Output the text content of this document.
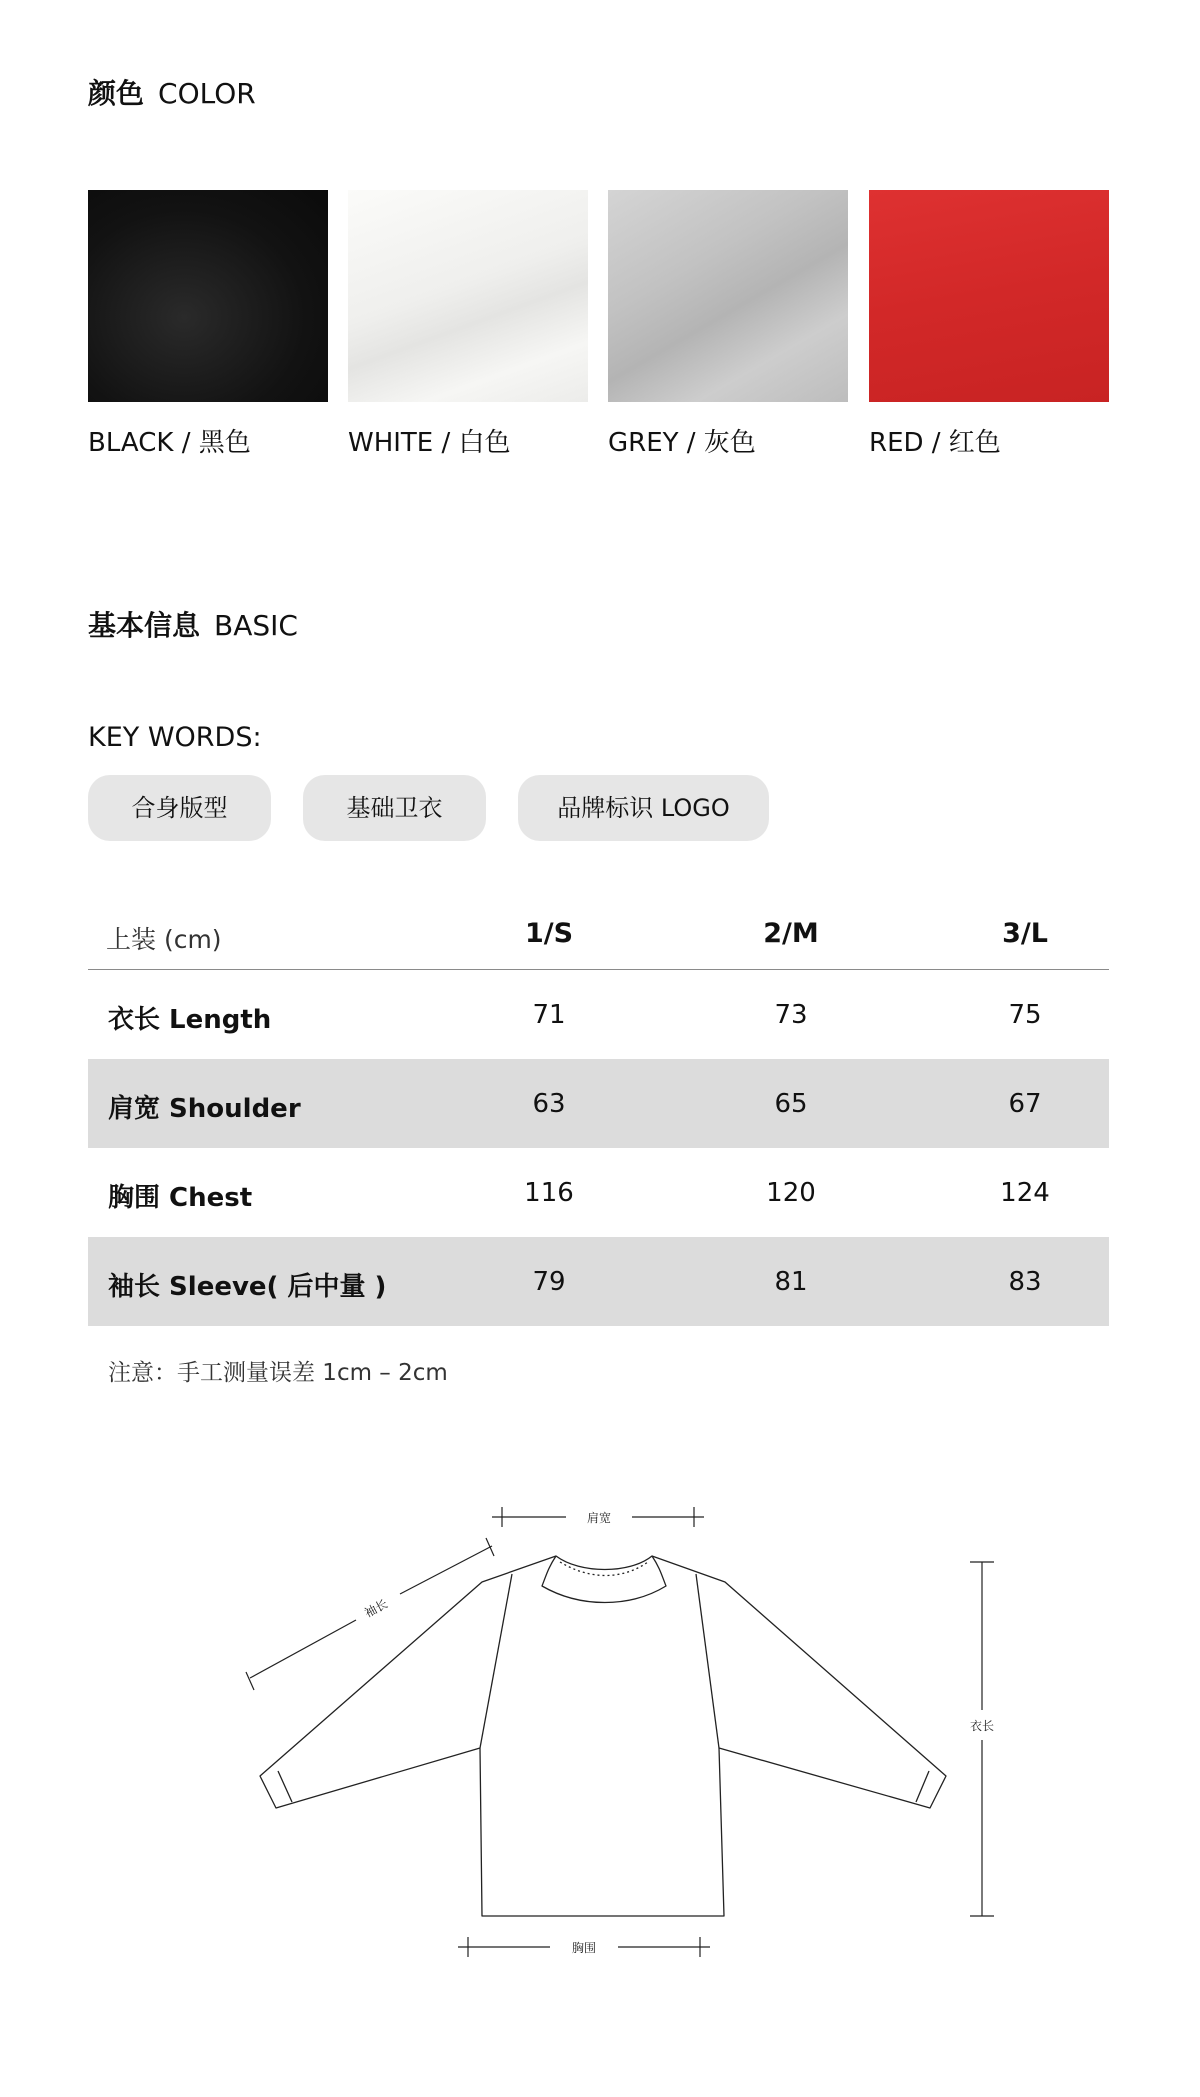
颜色 COLOR
BLACK / 黑色	WHITE / 白色	GREY / 灰色	RED / 红色
基本信息 BASIC
KEY WORDS:
合身版型	基础卫衣	品牌标识 LOGO
上装 (cm)	1/S	2/M	3/L
衣长 Length	71	73	75
肩宽 Shoulder	63	65	67
胸围 Chest	116	120	124
袖长 Sleeve( 后中量 )	79	81	83
注意：手工测量误差 1cm – 2cm
肩宽
袖长
衣长
胸围
